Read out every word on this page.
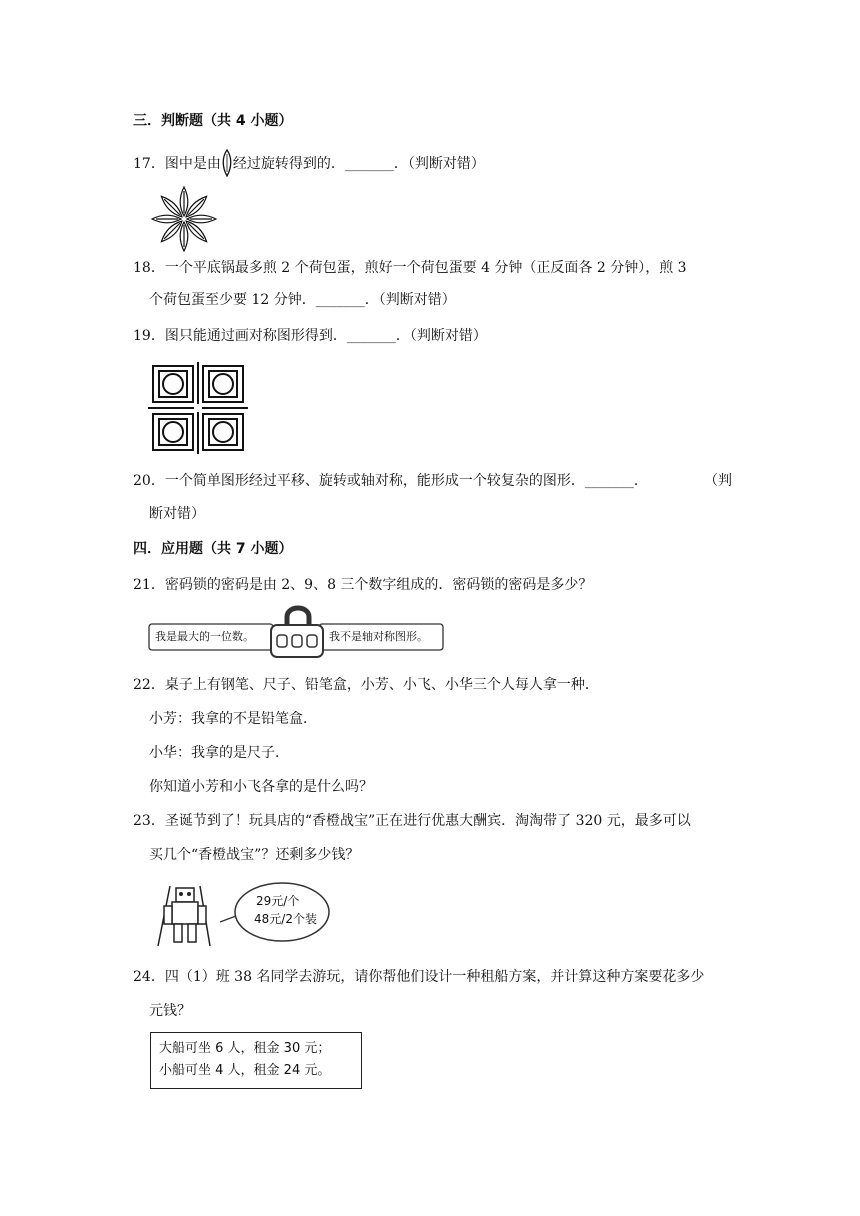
三．判断题（共 4 小题）
17．图中是由 经过旋转得到的．_______．（判断对错）
18．一个平底锅最多煎 2 个荷包蛋，煎好一个荷包蛋要 4 分钟（正反面各 2 分钟），煎 3
个荷包蛋至少要 12 分钟．_______．（判断对错）
19．图只能通过画对称图形得到．_______．（判断对错）
20．一个简单图形经过平移、旋转或轴对称，能形成一个较复杂的图形．_______．	（判
断对错）
四．应用题（共 7 小题）
21．密码锁的密码是由 2、9、8 三个数字组成的．密码锁的密码是多少？
我是最大的一位数。	我不是轴对称图形。
22．桌子上有钢笔、尺子、铅笔盒，小芳、小飞、小华三个人每人拿一种．
小芳：我拿的不是铅笔盒．
小华：我拿的是尺子．
你知道小芳和小飞各拿的是什么吗？
23．圣诞节到了！玩具店的“香橙战宝”正在进行优惠大酬宾．淘淘带了 320 元，最多可以
买几个“香橙战宝”？还剩多少钱？
29元/个
48元/2个装
24．四（1）班 38 名同学去游玩，请你帮他们设计一种租船方案，并计算这种方案要花多少
元钱？
大船可坐 6 人，租金 30 元；
小船可坐 4 人，租金 24 元。
